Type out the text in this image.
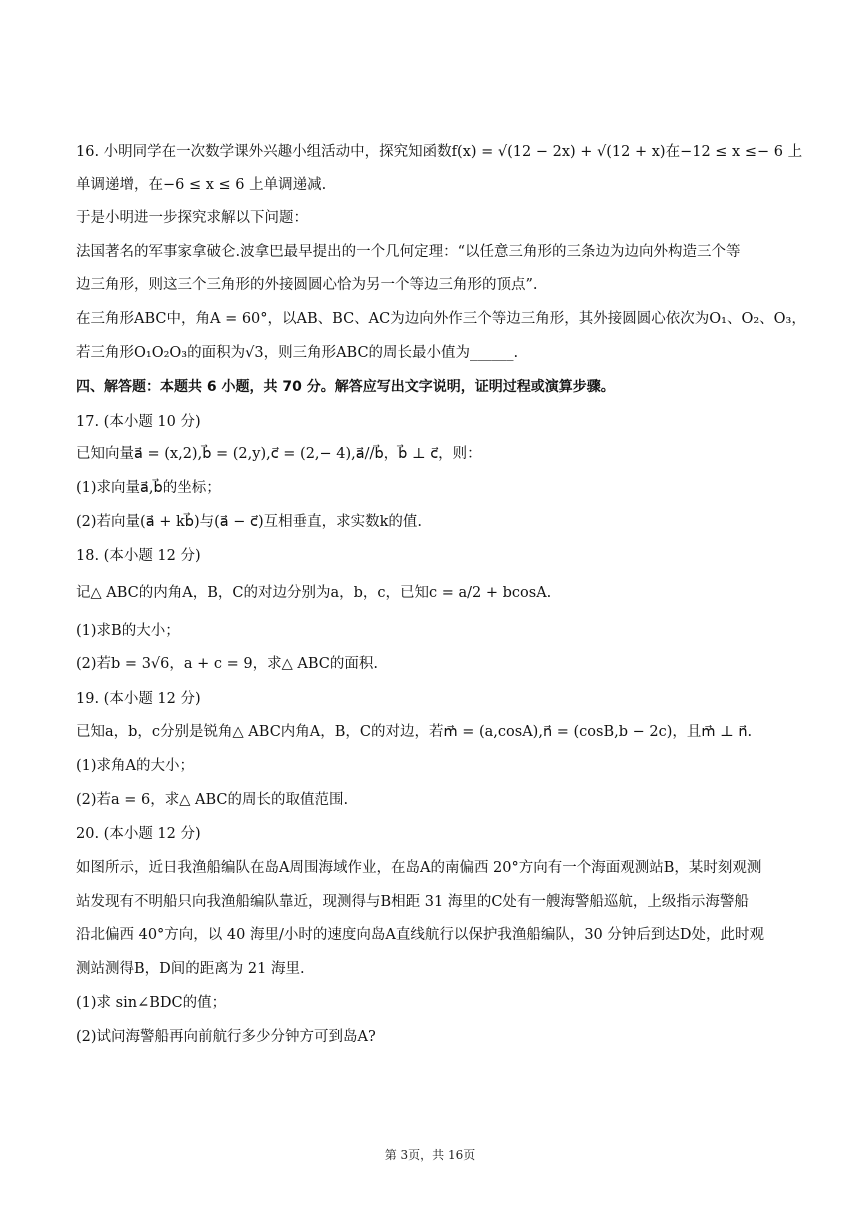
16. 小明同学在一次数学课外兴趣小组活动中，探究知函数f(x) = √(12 − 2x) + √(12 + x)在−12 ≤ x ≤− 6 上

单调递增，在−6 ≤ x ≤ 6 上单调递减.

于是小明进一步探究求解以下问题：

法国著名的军事家拿破仑.波拿巴最早提出的一个几何定理：“以任意三角形的三条边为边向外构造三个等

边三角形，则这三个三角形的外接圆圆心恰为另一个等边三角形的顶点”.

在三角形ABC中，角A = 60°，以AB、BC、AC为边向外作三个等边三角形，其外接圆圆心依次为O₁、O₂、O₃，

若三角形O₁O₂O₃的面积为√3，则三角形ABC的周长最小值为______.

四、解答题：本题共 6 小题，共 70 分。解答应写出文字说明，证明过程或演算步骤。

17. (本小题 10 分)

已知向量a⃗ = (x,2),b⃗ = (2,y),c⃗ = (2,− 4),a⃗//b⃗，b⃗ ⊥ c⃗，则：

(1)求向量a⃗,b⃗的坐标；

(2)若向量(a⃗ + kb⃗)与(a⃗ − c⃗)互相垂直，求实数k的值.

18. (本小题 12 分)

记△ ABC的内角A，B，C的对边分别为a，b，c，已知c = a/2 + bcosA.

(1)求B的大小；

(2)若b = 3√6，a + c = 9，求△ ABC的面积.

19. (本小题 12 分)

已知a，b，c分别是锐角△ ABC内角A，B，C的对边，若m⃗ = (a,cosA),n⃗ = (cosB,b − 2c)，且m⃗ ⊥ n⃗.

(1)求角A的大小；

(2)若a = 6，求△ ABC的周长的取值范围.

20. (本小题 12 分)

如图所示，近日我渔船编队在岛A周围海域作业，在岛A的南偏西 20°方向有一个海面观测站B，某时刻观测

站发现有不明船只向我渔船编队靠近，现测得与B相距 31 海里的C处有一艘海警船巡航，上级指示海警船

沿北偏西 40°方向，以 40 海里/小时的速度向岛A直线航行以保护我渔船编队，30 分钟后到达D处，此时观

测站测得B，D间的距离为 21 海里.

(1)求 sin∠BDC的值；

(2)试问海警船再向前航行多少分钟方可到岛A?

第 3页，共 16页
